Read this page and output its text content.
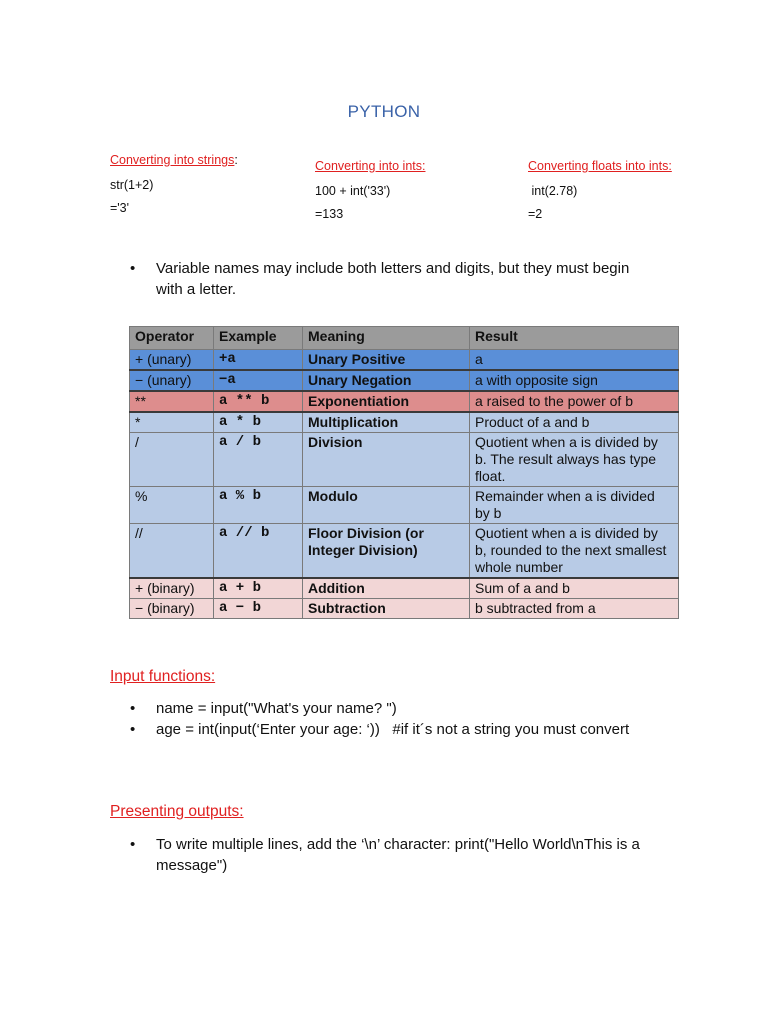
PYTHON
Converting into strings:
str(1+2)
='3'
Converting into ints:
100 + int('33')
=133
Converting floats into ints:
int(2.78)
=2
• Variable names may include both letters and digits, but they must begin with a letter.
Operator	Example	Meaning	Result
+ (unary)	+a	Unary Positive	a
− (unary)	−a	Unary Negation	a with opposite sign
**	a ** b	Exponentiation	a raised to the power of b
*	a * b	Multiplication	Product of a and b
/	a / b	Division	Quotient when a is divided by b. The result always has type float.
%	a % b	Modulo	Remainder when a is divided by b
//	a // b	Floor Division (or Integer Division)	Quotient when a is divided by b, rounded to the next smallest whole number
+ (binary)	a + b	Addition	Sum of a and b
− (binary)	a − b	Subtraction	b subtracted from a
Input functions:
• name = input("What's your name? ")
• age = int(input(‘Enter your age: ‘))   #if it´s not a string you must convert
Presenting outputs:
• To write multiple lines, add the ‘\n’ character: print("Hello World\nThis is a message")
